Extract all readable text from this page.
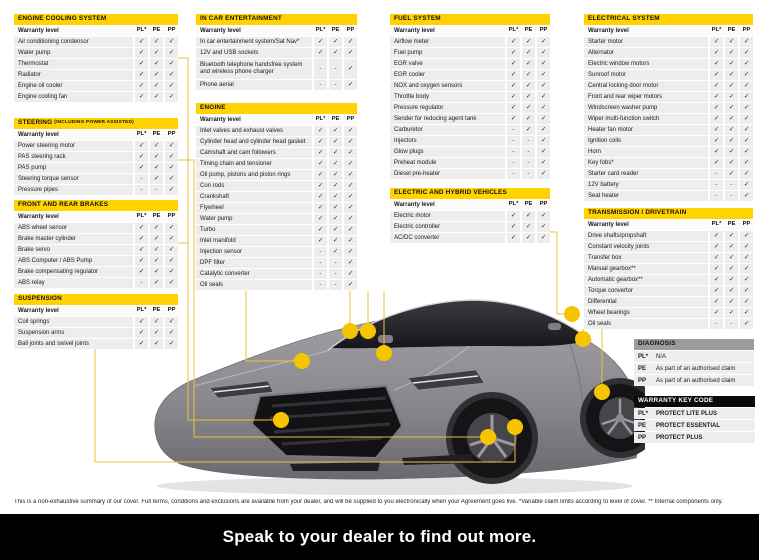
ENGINE COOLING SYSTEM
Warranty level	PL*	PE	PP
Air conditioning condensor	✓	✓	✓
Water pump	✓	✓	✓
Thermostat	✓	✓	✓
Radiator	✓	✓	✓
Engine oil cooler	✓	✓	✓
Engine cooling fan	✓	✓	✓
STEERING (INCLUDING POWER ASSISTED)
Warranty level	PL*	PE	PP
Power steering motor	✓	✓	✓
PAS steering rack	✓	✓	✓
PAS pump	✓	✓	✓
Steering torque sensor	-	✓	✓
Pressure pipes	-	-	✓
FRONT AND REAR BRAKES
Warranty level	PL*	PE	PP
ABS wheel sensor	✓	✓	✓
Brake master cylinder	✓	✓	✓
Brake servo	✓	✓	✓
ABS Computer / ABS Pump	✓	✓	✓
Brake compensating regulator	✓	✓	✓
ABS relay	-	✓	✓
SUSPENSION
Warranty level	PL*	PE	PP
Coil springs	✓	✓	✓
Suspension arms	✓	✓	✓
Ball joints and swivel joints	✓	✓	✓
IN CAR ENTERTAINMENT
Warranty level	PL*	PE	PP
In car entertainment system/Sat Nav*	✓	✓	✓
12V and USB sockets	✓	✓	✓
Bluetooth telephone handsfree system and wireless phone charger
-	-	✓
Phone aerial	-	-	✓
ENGINE
Warranty level	PL*	PE	PP
Inlet valves and exhaust valves	✓	✓	✓
Cylinder head and cylinder head gasket	✓	✓	✓
Camshaft and cam followers	✓	✓	✓
Timing chain and tensioner	✓	✓	✓
Oil pump, pistons and piston rings	✓	✓	✓
Con rods	✓	✓	✓
Crankshaft	✓	✓	✓
Flywheel	✓	✓	✓
Water pump	✓	✓	✓
Turbo	✓	✓	✓
Inlet manifold	✓	✓	✓
Injection sensor	-	✓	✓
DPF filter	-	-	✓
Catalytic converter	-	-	✓
Oil seals	-	-	✓
FUEL SYSTEM
Warranty level	PL*	PE	PP
Airflow meter	✓	✓	✓
Fuel pump	✓	✓	✓
EGR valve	✓	✓	✓
EGR cooler	✓	✓	✓
NOX and oxygen sensors	✓	✓	✓
Throttle body	✓	✓	✓
Pressure regulator	✓	✓	✓
Sender for reducing agent tank	✓	✓	✓
Carburetor	-	✓	✓
Injectors	-	-	✓
Glow plugs	-	-	✓
Preheat module	-	-	✓
Diesel pre-heater	-	-	✓
ELECTRIC AND HYBRID VEHICLES
Warranty level	PL*	PE	PP
Electric motor	✓	✓	✓
Electric controller	✓	✓	✓
AC/DC converter	✓	✓	✓
ELECTRICAL SYSTEM
Warranty level	PL*	PE	PP
Starter motor	✓	✓	✓
Alternator	✓	✓	✓
Electric window motors	✓	✓	✓
Sunroof motor	✓	✓	✓
Central locking door motor	✓	✓	✓
Front and rear wiper motors	✓	✓	✓
Windscreen washer pump	✓	✓	✓
Wiper multi-function switch	✓	✓	✓
Heater fan motor	✓	✓	✓
Ignition coils	✓	✓	✓
Horn	✓	✓	✓
Key fobs*	✓	✓	✓
Starter card reader	-	✓	✓
12V battery	-	-	✓
Seat heater	-	-	✓
TRANSMISSION / DRIVETRAIN
Warranty level	PL*	PE	PP
Drive shafts/propshaft	✓	✓	✓
Constant velocity joints	✓	✓	✓
Transfer box	✓	✓	✓
Manual gearbox**	✓	✓	✓
Automatic gearbox**	✓	✓	✓
Torque convertor	✓	✓	✓
Differential	✓	✓	✓
Wheel bearings	✓	✓	✓
Oil seals	-	-	✓
DIAGNOSIS
PL*	N/A
PE	As part of an authorised claim
PP	As part of an authorised claim
WARRANTY KEY CODE
PL*	PROTECT LITE PLUS
PE	PROTECT ESSENTIAL
PP	PROTECT PLUS

This is a non-exhaustive summary of our cover. Full terms, conditions and exclusions are available from your dealer, and will be supplied to you electronically when your Agreement goes live. *Variable claim limits according to level of cover. ** Internal components only.

Speak to your dealer to find out more.
